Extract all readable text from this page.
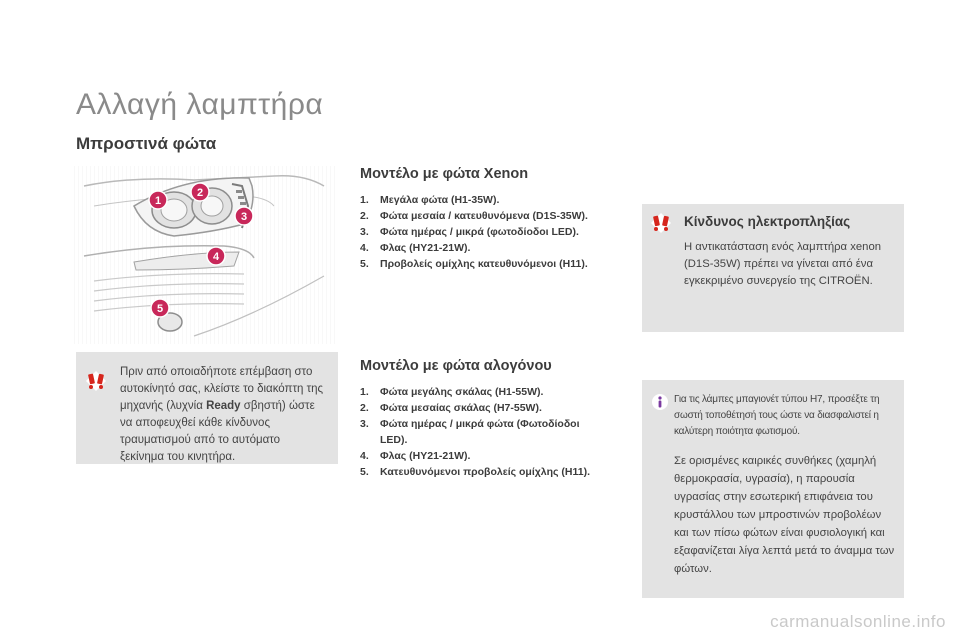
Αλλαγή λαμπτήρα
Μπροστινά φώτα
1
2
3
4
5
Πριν από οποιαδήποτε επέμβαση στο αυτοκίνητό σας, κλείστε το διακόπτη της μηχανής (λυχνία Ready σβηστή) ώστε να αποφευχθεί κάθε κίνδυνος τραυματισμού από το αυτόματο ξεκίνημα του κινητήρα.
Μοντέλο με φώτα Xenon
1.	Μεγάλα φώτα (H1-35W).
2.	Φώτα μεσαία / κατευθυνόμενα (D1S-35W).
3.	Φώτα ημέρας / μικρά (φωτοδίοδοι LED).
4.	Φλας (HY21-21W).
5.	Προβολείς ομίχλης κατευθυνόμενοι (H11).
Μοντέλο με φώτα αλογόνου
1.	Φώτα μεγάλης σκάλας (H1-55W).
2.	Φώτα μεσαίας σκάλας (H7-55W).
3.	Φώτα ημέρας / μικρά φώτα (Φωτοδίοδοι LED).
4.	Φλας (HY21-21W).
5.	Κατευθυνόμενοι προβολείς ομίχλης (H11).
Κίνδυνος ηλεκτροπληξίας
Η αντικατάσταση ενός λαμπτήρα xenon (D1S-35W) πρέπει να γίνεται από ένα εγκεκριμένο συνεργείο της CITROËN.
Για τις λάμπες μπαγιονέτ τύπου H7, προσέξτε τη σωστή τοποθέτησή τους ώστε να διασφαλιστεί η καλύτερη ποιότητα φωτισμού.
Σε ορισμένες καιρικές συνθήκες (χαμηλή θερμοκρασία, υγρασία), η παρουσία υγρασίας στην εσωτερική επιφάνεια του κρυστάλλου των μπροστινών προβολέων και των πίσω φώτων είναι φυσιολογική και εξαφανίζεται λίγα λεπτά μετά το άναμμα των φώτων.
carmanualsonline.info
